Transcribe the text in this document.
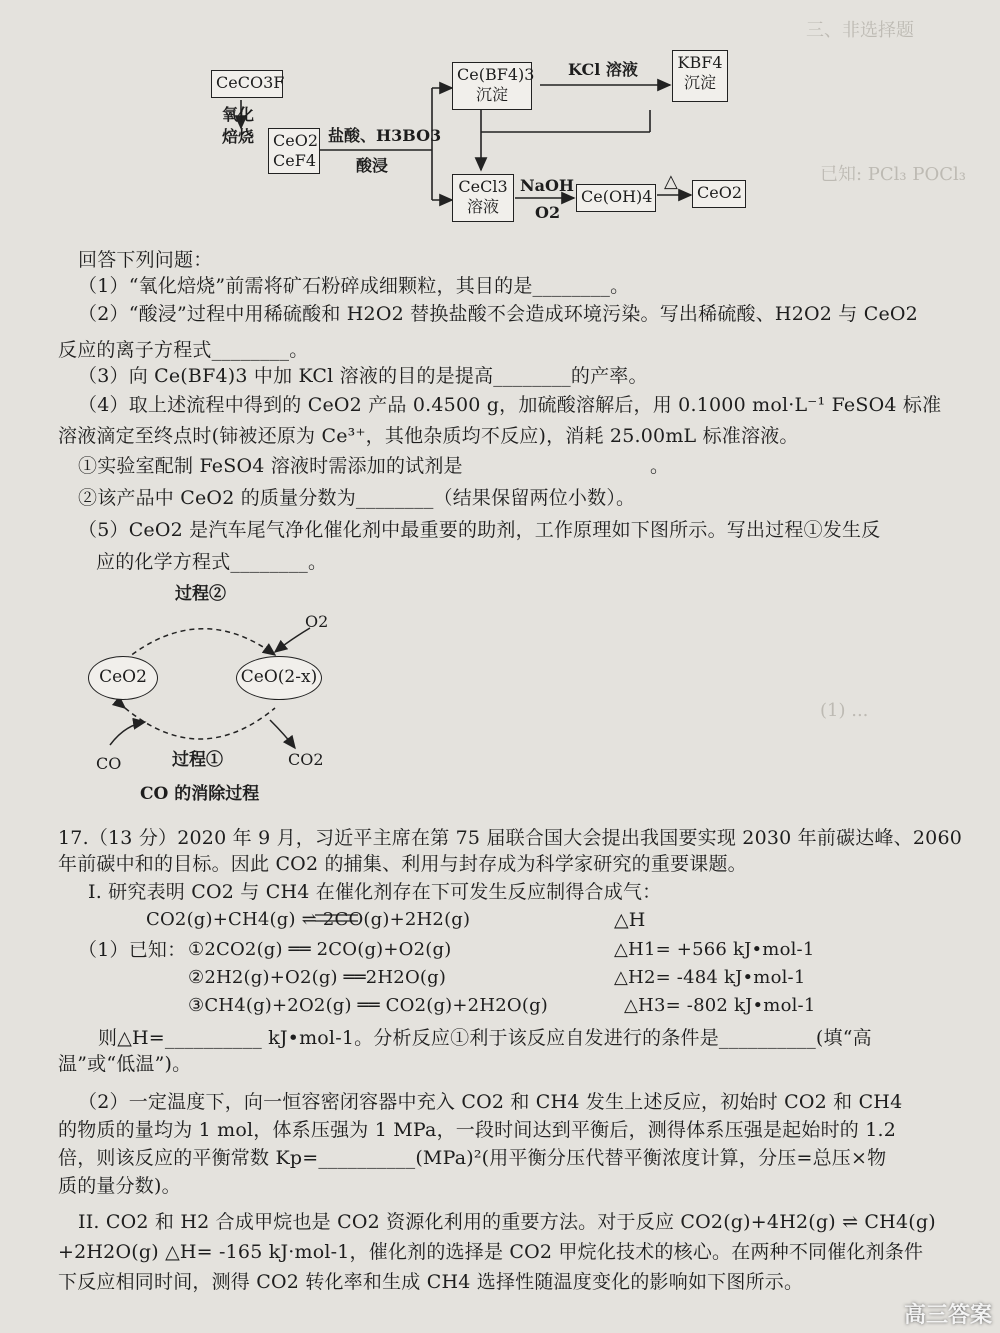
三、非选择题
已知: PCl₃ POCl₃
(1) ...
CeCO3F
氧化
焙烧 CeO2
CeF4
盐酸、H3BO3
酸浸
Ce(BF4)3
沉淀
KCl 溶液 KBF4
沉淀
CeCl3
溶液
NaOH
O2
Ce(OH)4
△
CeO2
回答下列问题：
（1）“氧化焙烧”前需将矿石粉碎成细颗粒，其目的是________。
（2）“酸浸”过程中用稀硫酸和 H2O2 替换盐酸不会造成环境污染。写出稀硫酸、H2O2 与 CeO2
反应的离子方程式________。
（3）向 Ce(BF4)3 中加 KCl 溶液的目的是提高________的产率。
（4）取上述流程中得到的 CeO2 产品 0.4500 g，加硫酸溶解后，用 0.1000 mol·L⁻¹ FeSO4 标准
溶液滴定至终点时(铈被还原为 Ce³⁺，其他杂质均不反应)，消耗 25.00mL 标准溶液。
①实验室配制 FeSO4 溶液时需添加的试剂是	。
②该产品中 CeO2 的质量分数为________（结果保留两位小数）。
（5）CeO2 是汽车尾气净化催化剂中最重要的助剂，工作原理如下图所示。写出过程①发生反
应的化学方程式________。
过程②
O2
CeO2	CeO(2-x)
CO	过程①	CO2
CO 的消除过程
17.（13 分）2020 年 9 月，习近平主席在第 75 届联合国大会提出我国要实现 2030 年前碳达峰、2060
年前碳中和的目标。因此 CO2 的捕集、利用与封存成为科学家研究的重要课题。
I. 研究表明 CO2 与 CH4 在催化剂存在下可发生反应制得合成气：
CO2(g)+CH4(g) ⇌ 2CO(g)+2H2(g)	△H
（1）已知： ①2CO2(g) ══ 2CO(g)+O2(g)	△H1= +566 kJ•mol-1
②2H2(g)+O2(g) ══2H2O(g)	△H2= -484 kJ•mol-1
③CH4(g)+2O2(g) ══ CO2(g)+2H2O(g)	△H3= -802 kJ•mol-1
则△H=__________ kJ•mol-1。分析反应①利于该反应自发进行的条件是__________(填“高
温”或“低温”)。
（2）一定温度下，向一恒容密闭容器中充入 CO2 和 CH4 发生上述反应，初始时 CO2 和 CH4
的物质的量均为 1 mol，体系压强为 1 MPa，一段时间达到平衡后，测得体系压强是起始时的 1.2
倍，则该反应的平衡常数 Kp=__________(MPa)²(用平衡分压代替平衡浓度计算，分压=总压×物
质的量分数)。
II. CO2 和 H2 合成甲烷也是 CO2 资源化利用的重要方法。对于反应 CO2(g)+4H2(g) ⇌ CH4(g)
+2H2O(g) △H= -165 kJ·mol-1，催化剂的选择是 CO2 甲烷化技术的核心。在两种不同催化剂条件
下反应相同时间，测得 CO2 转化率和生成 CH4 选择性随温度变化的影响如下图所示。
高三答案
